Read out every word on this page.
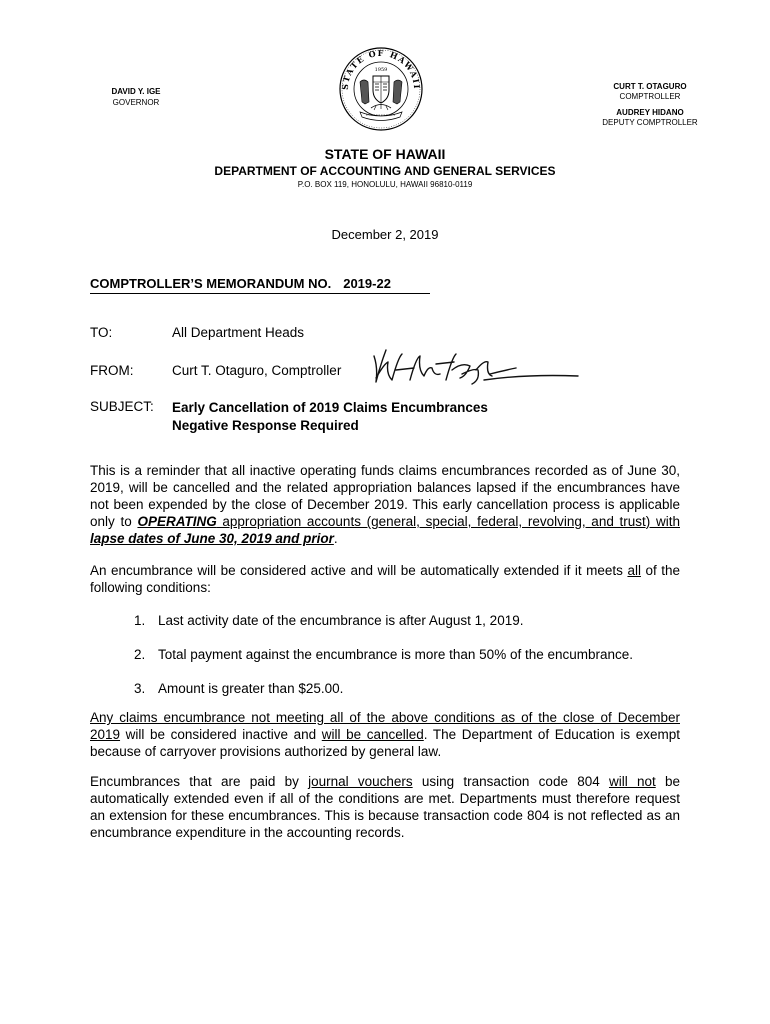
DAVID Y. IGE
GOVERNOR
STATE OF HAWAII
1959
CURT T. OTAGURO
COMPTROLLER
AUDREY HIDANO
DEPUTY COMPTROLLER
STATE OF HAWAII
DEPARTMENT OF ACCOUNTING AND GENERAL SERVICES
P.O. BOX 119, HONOLULU, HAWAII 96810-0119
December 2, 2019
COMPTROLLER’S MEMORANDUM NO. 2019-22
TO:	All Department Heads
FROM:	Curt T. Otaguro, Comptroller
SUBJECT: Early Cancellation of 2019 Claims Encumbrances
Negative Response Required
This is a reminder that all inactive operating funds claims encumbrances recorded as of June 30, 2019, will be cancelled and the related appropriation balances lapsed if the encumbrances have not been expended by the close of December 2019. This early cancellation process is applicable only to OPERATING appropriation accounts (general, special, federal, revolving, and trust) with lapse dates of June 30, 2019 and prior.
An encumbrance will be considered active and will be automatically extended if it meets all of the following conditions:
1. Last activity date of the encumbrance is after August 1, 2019.
2. Total payment against the encumbrance is more than 50% of the encumbrance.
3. Amount is greater than $25.00.
Any claims encumbrance not meeting all of the above conditions as of the close of December 2019 will be considered inactive and will be cancelled. The Department of Education is exempt because of carryover provisions authorized by general law.
Encumbrances that are paid by journal vouchers using transaction code 804 will not be automatically extended even if all of the conditions are met. Departments must therefore request an extension for these encumbrances. This is because transaction code 804 is not reflected as an encumbrance expenditure in the accounting records.
